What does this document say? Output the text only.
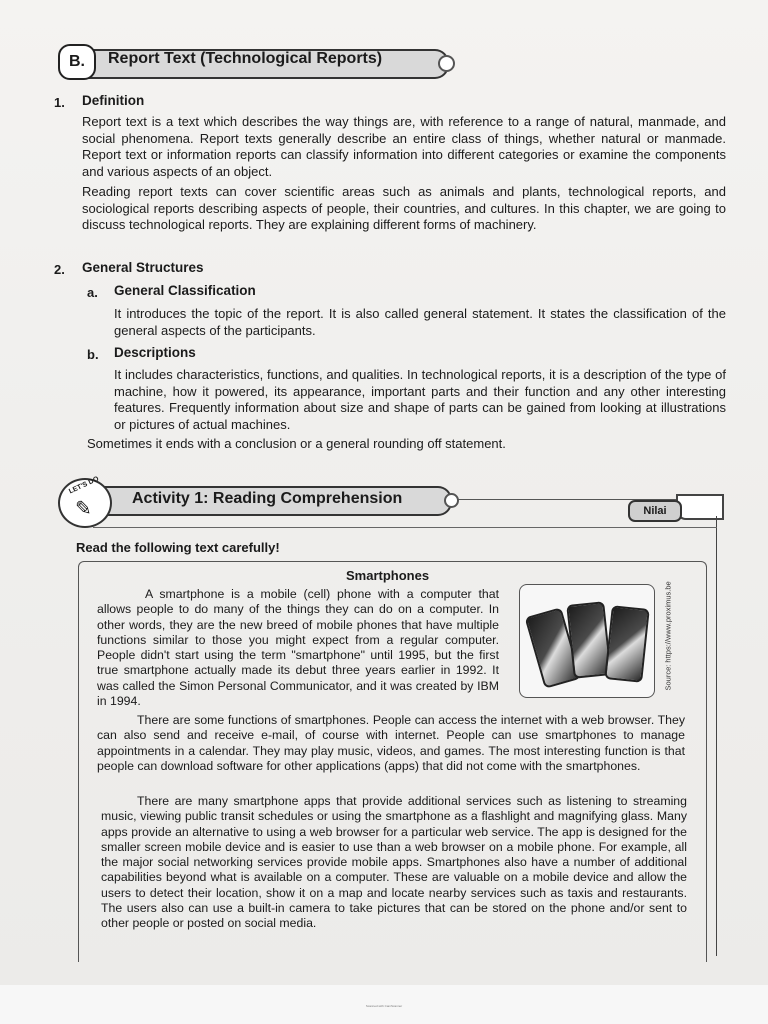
B.	Report Text (Technological Reports)
1. Definition

Report text is a text which describes the way things are, with reference to a range of natural, manmade, and social phenomena. Report texts generally describe an entire class of things, whether natural or manmade. Report text or information reports can classify information into different categories or examine the components and various aspects of an object.

Reading report texts can cover scientific areas such as animals and plants, technological reports, and sociological reports describing aspects of people, their countries, and cultures. In this chapter, we are going to discuss technological reports. They are explaining different forms of machinery.

2. General Structures
a. General Classification

It introduces the topic of the report. It is also called general statement. It states the classification of the general aspects of the participants.

b. Descriptions

It includes characteristics, functions, and qualities. In technological reports, it is a description of the type of machine, how it powered, its appearance, important parts and their function and any other interesting features. Frequently information about size and shape of parts can be gained from looking at illustrations or pictures of actual machines.

Sometimes it ends with a conclusion or a general rounding off statement.

LET'S DO
✎	Activity 1: Reading Comprehension
Nilai
Read the following text carefully!
Smartphones

A smartphone is a mobile (cell) phone with a computer that allows people to do many of the things they can do on a computer. In other words, they are the new breed of mobile phones that have multiple functions similar to those you might expect from a regular computer. People didn't start using the term "smartphone" until 1995, but the first true smartphone actually made its debut three years earlier in 1992. It was called the Simon Personal Communicator, and it was created by IBM in 1994.

Source: https://www.proximus.be

There are some functions of smartphones. People can access the internet with a web browser. They can also send and receive e-mail, of course with internet. People can use smartphones to manage appointments in a calendar. They may play music, videos, and games. The most interesting function is that people can download software for other applications (apps) that did not come with the smartphones.

There are many smartphone apps that provide additional services such as listening to streaming music, viewing public transit schedules or using the smartphone as a flashlight and magnifying glass. Many apps provide an alternative to using a web browser for a particular web service. The app is designed for the smaller screen mobile device and is easier to use than a web browser on a mobile phone. For example, all the major social networking services provide mobile apps. Smartphones also have a number of additional capabilities beyond what is available on a computer. These are valuable on a mobile device and allow the users to detect their location, show it on a map and locate nearby services such as taxis and restaurants. The users also can use a built-in camera to take pictures that can be stored on the phone and/or sent to other people or posted on social media.

Scanned with CamScanner
